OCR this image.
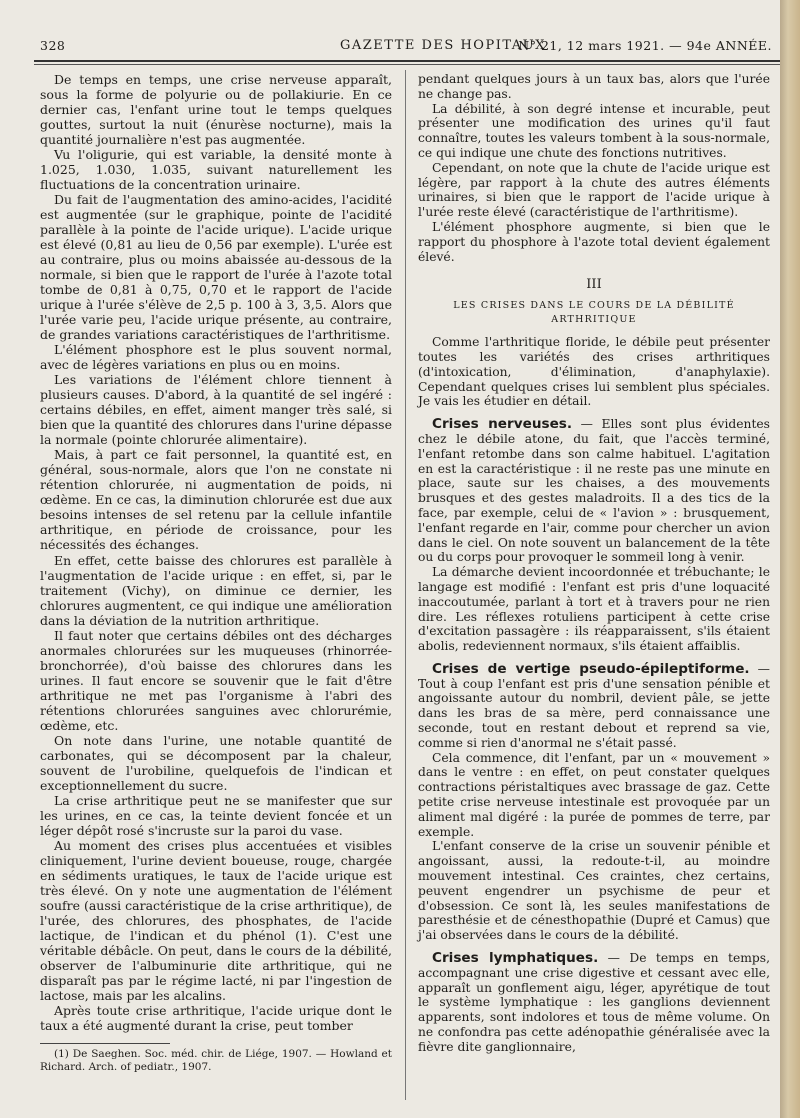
328	GAZETTE DES HOPITAUX
N° 21, 12 mars 1921. — 94e ANNÉE.

De temps en temps, une crise nerveuse apparaît, sous la forme de polyurie ou de pollakiurie. En ce dernier cas, l'enfant urine tout le temps quelques gouttes, surtout la nuit (énurèse nocturne), mais la quantité journalière n'est pas augmentée.

Vu l'oligurie, qui est variable, la densité monte à 1.025, 1.030, 1.035, suivant naturellement les fluctuations de la concentration urinaire.

Du fait de l'augmentation des amino-acides, l'acidité est augmentée (sur le graphique, pointe de l'acidité parallèle à la pointe de l'acide urique). L'acide urique est élevé (0,81 au lieu de 0,56 par exemple). L'urée est au contraire, plus ou moins abaissée au-dessous de la normale, si bien que le rapport de l'urée à l'azote total tombe de 0,81 à 0,75, 0,70 et le rapport de l'acide urique à l'urée s'élève de 2,5 p. 100 à 3, 3,5. Alors que l'urée varie peu, l'acide urique présente, au contraire, de grandes variations caractéristiques de l'arthritisme.

L'élément phosphore est le plus souvent normal, avec de légères variations en plus ou en moins.

Les variations de l'élément chlore tiennent à plusieurs causes. D'abord, à la quantité de sel ingéré : certains débiles, en effet, aiment manger très salé, si bien que la quantité des chlorures dans l'urine dépasse la normale (pointe chlorurée alimentaire).

Mais, à part ce fait personnel, la quantité est, en général, sous-normale, alors que l'on ne constate ni rétention chlorurée, ni augmentation de poids, ni œdème. En ce cas, la diminution chlorurée est due aux besoins intenses de sel retenu par la cellule infantile arthritique, en période de croissance, pour les nécessités des échanges.

En effet, cette baisse des chlorures est parallèle à l'augmentation de l'acide urique : en effet, si, par le traitement (Vichy), on diminue ce dernier, les chlorures augmentent, ce qui indique une amélioration dans la déviation de la nutrition arthritique.

Il faut noter que certains débiles ont des décharges anormales chlorurées sur les muqueuses (rhinorrée-bronchorrée), d'où baisse des chlorures dans les urines. Il faut encore se souvenir que le fait d'être arthritique ne met pas l'organisme à l'abri des rétentions chlorurées sanguines avec chlorurémie, œdème, etc.

On note dans l'urine, une notable quantité de carbonates, qui se décomposent par la chaleur, souvent de l'urobiline, quelquefois de l'indican et exceptionnellement du sucre.

La crise arthritique peut ne se manifester que sur les urines, en ce cas, la teinte devient foncée et un léger dépôt rosé s'incruste sur la paroi du vase.

Au moment des crises plus accentuées et visibles cliniquement, l'urine devient boueuse, rouge, chargée en sédiments uratiques, le taux de l'acide urique est très élevé. On y note une augmentation de l'élément soufre (aussi caractéristique de la crise arthritique), de l'urée, des chlorures, des phosphates, de l'acide lactique, de l'indican et du phénol (1). C'est une véritable débâcle. On peut, dans le cours de la débilité, observer de l'albuminurie dite arthritique, qui ne disparaît pas par le régime lacté, ni par l'ingestion de lactose, mais par les alcalins.

Après toute crise arthritique, l'acide urique dont le taux a été augmenté durant la crise, peut tomber

(1) De Saeghen. Soc. méd. chir. de Liége, 1907. — Howland et Richard. Arch. of pediatr., 1907.

pendant quelques jours à un taux bas, alors que l'urée ne change pas.

La débilité, à son degré intense et incurable, peut présenter une modification des urines qu'il faut connaître, toutes les valeurs tombent à la sous-normale, ce qui indique une chute des fonctions nutritives.

Cependant, on note que la chute de l'acide urique est légère, par rapport à la chute des autres éléments urinaires, si bien que le rapport de l'acide urique à l'urée reste élevé (caractéristique de l'arthritisme).

L'élément phosphore augmente, si bien que le rapport du phosphore à l'azote total devient également élevé.

III
LES CRISES DANS LE COURS DE LA DÉBILITÉ ARTHRITIQUE

Comme l'arthritique floride, le débile peut présenter toutes les variétés des crises arthritiques (d'intoxication, d'élimination, d'anaphylaxie). Cependant quelques crises lui semblent plus spéciales. Je vais les étudier en détail.

Crises nerveuses. — Elles sont plus évidentes chez le débile atone, du fait, que l'accès terminé, l'enfant retombe dans son calme habituel. L'agitation en est la caractéristique : il ne reste pas une minute en place, saute sur les chaises, a des mouvements brusques et des gestes maladroits. Il a des tics de la face, par exemple, celui de « l'avion » : brusquement, l'enfant regarde en l'air, comme pour chercher un avion dans le ciel. On note souvent un balancement de la tête ou du corps pour provoquer le sommeil long à venir.

La démarche devient incoordonnée et trébuchante; le langage est modifié : l'enfant est pris d'une loquacité inaccoutumée, parlant à tort et à travers pour ne rien dire. Les réflexes rotuliens participent à cette crise d'excitation passagère : ils réapparaissent, s'ils étaient abolis, redeviennent normaux, s'ils étaient affaiblis.

Crises de vertige pseudo-épileptiforme. — Tout à coup l'enfant est pris d'une sensation pénible et angoissante autour du nombril, devient pâle, se jette dans les bras de sa mère, perd connaissance une seconde, tout en restant debout et reprend sa vie, comme si rien d'anormal ne s'était passé.

Cela commence, dit l'enfant, par un « mouvement » dans le ventre : en effet, on peut constater quelques contractions péristaltiques avec brassage de gaz. Cette petite crise nerveuse intestinale est provoquée par un aliment mal digéré : la purée de pommes de terre, par exemple.

L'enfant conserve de la crise un souvenir pénible et angoissant, aussi, la redoute-t-il, au moindre mouvement intestinal. Ces craintes, chez certains, peuvent engendrer un psychisme de peur et d'obsession. Ce sont là, les seules manifestations de paresthésie et de cénesthopathie (Dupré et Camus) que j'ai observées dans le cours de la débilité.

Crises lymphatiques. — De temps en temps, accompagnant une crise digestive et cessant avec elle, apparaît un gonflement aigu, léger, apyrétique de tout le système lymphatique : les ganglions deviennent apparents, sont indolores et tous de même volume. On ne confondra pas cette adénopathie généralisée avec la fièvre dite ganglionnaire,
